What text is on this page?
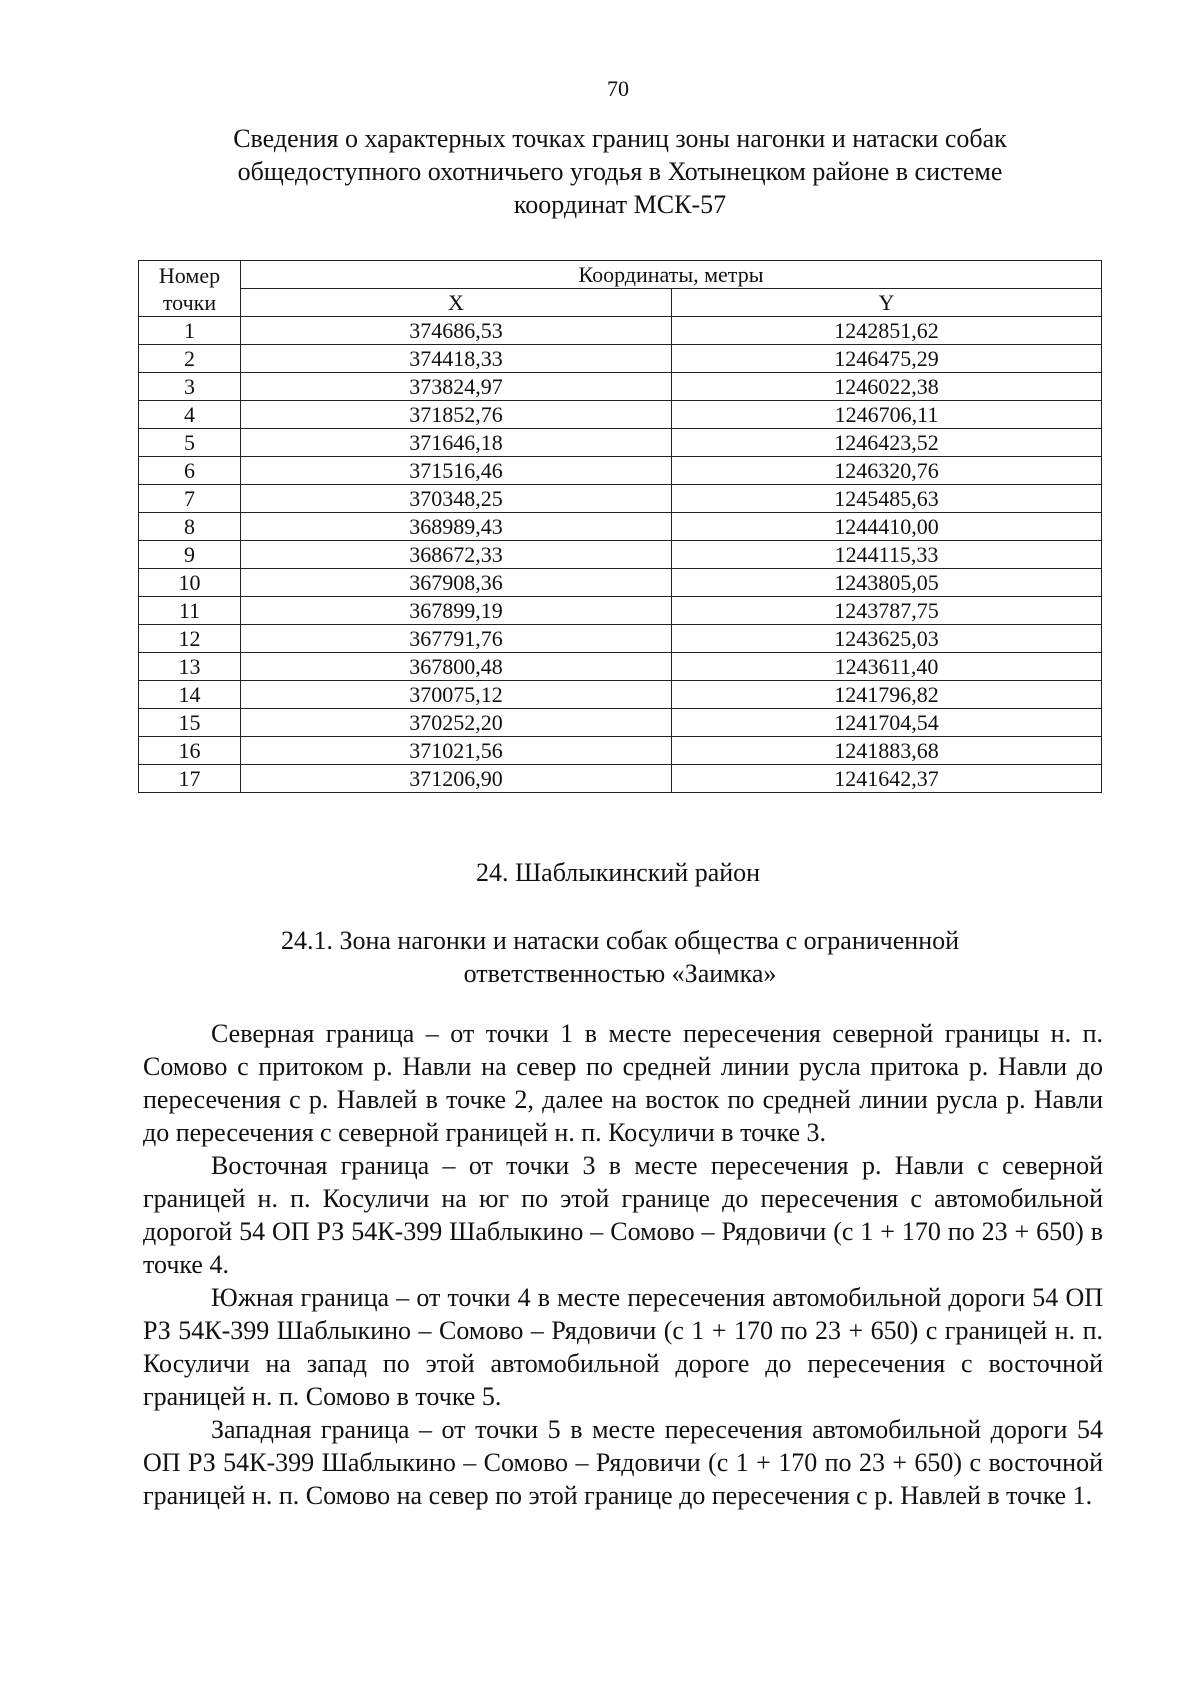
70
Сведения о характерных точках границ зоны нагонки и натаски собак общедоступного охотничьего угодья в Хотынецком районе в системе координат МСК-57
Номер точки	Координаты, метры	
	X	Y
1	374686,53	1242851,62
2	374418,33	1246475,29
3	373824,97	1246022,38
4	371852,76	1246706,11
5	371646,18	1246423,52
6	371516,46	1246320,76
7	370348,25	1245485,63
8	368989,43	1244410,00
9	368672,33	1244115,33
10	367908,36	1243805,05
11	367899,19	1243787,75
12	367791,76	1243625,03
13	367800,48	1243611,40
14	370075,12	1241796,82
15	370252,20	1241704,54
16	371021,56	1241883,68
17	371206,90	1241642,37
24. Шаблыкинский район
24.1. Зона нагонки и натаски собак общества с ограниченной ответственностью «Заимка»

Северная граница – от точки 1 в месте пересечения северной границы н. п. Сомово с притоком р. Навли на север по средней линии русла притока р. Навли до пересечения с р. Навлей в точке 2, далее на восток по средней линии русла р. Навли до пересечения с северной границей н. п. Косуличи в точке 3.

Восточная граница – от точки 3 в месте пересечения р. Навли с северной границей н. п. Косуличи на юг по этой границе до пересечения с автомобильной дорогой 54 ОП РЗ 54К-399 Шаблыкино – Сомово – Рядовичи (с 1 + 170 по 23 + 650) в точке 4.

Южная граница – от точки 4 в месте пересечения автомобильной дороги 54 ОП РЗ 54К-399 Шаблыкино – Сомово – Рядовичи (с 1 + 170 по 23 + 650) с границей н. п. Косуличи на запад по этой автомобильной дороге до пересечения с восточной границей н. п. Сомово в точке 5.

Западная граница – от точки 5 в месте пересечения автомобильной дороги 54 ОП РЗ 54К-399 Шаблыкино – Сомово – Рядовичи (с 1 + 170 по 23 + 650) с восточной границей н. п. Сомово на север по этой границе до пересечения с р. Навлей в точке 1.
